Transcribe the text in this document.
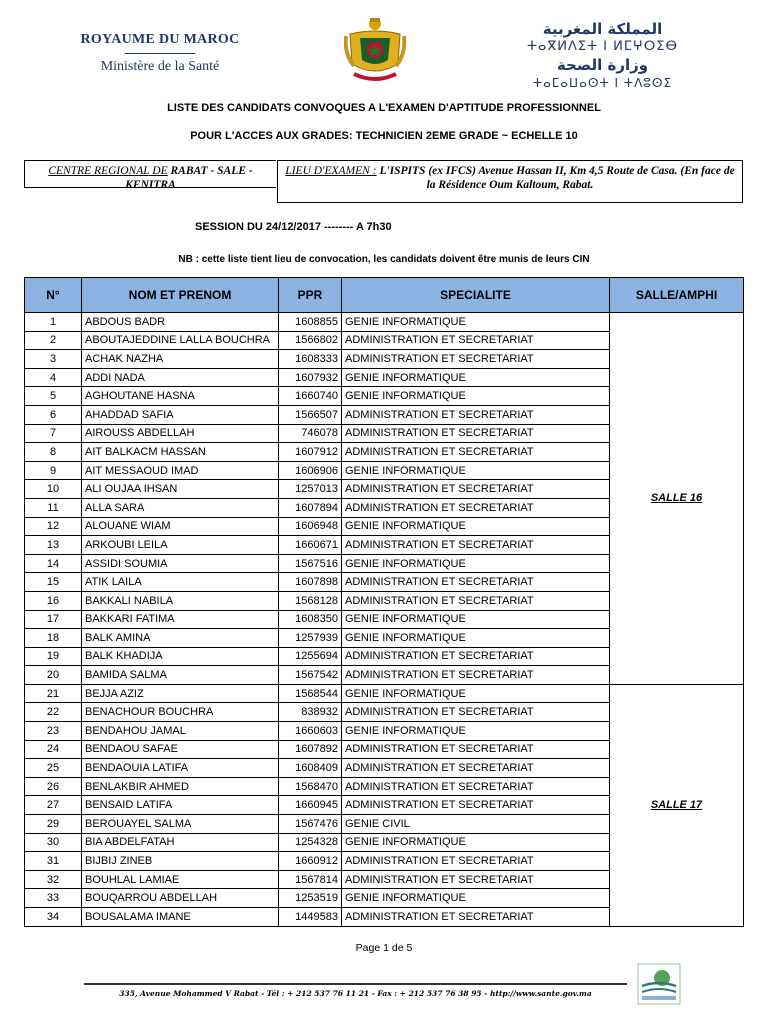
ROYAUME DU MAROC
Ministère de la Santé
المملكة المغربية
ⵜⴰⴳⵍⴷⵉⵜ ⵏ ⵍⵎⵖⵔⵉⴱ
وزارة الصحة
ⵜⴰⵎⴰⵡⴰⵙⵜ ⵏ ⵜⴷⵓⵙⵉ
LISTE DES CANDIDATS CONVOQUES A L'EXAMEN D'APTITUDE PROFESSIONNEL
POUR L'ACCES AUX GRADES: TECHNICIEN 2EME GRADE ~ ECHELLE 10
CENTRE REGIONAL DE RABAT - SALE - KENITRA
LIEU D'EXAMEN : L'ISPITS (ex IFCS) Avenue Hassan II, Km 4,5 Route de Casa. (En face de la Résidence Oum Kaltoum, Rabat.
SESSION DU 24/12/2017 -------- A 7h30
NB : cette liste tient lieu de convocation, les candidats doivent être munis de leurs CIN
N°	NOM ET PRENOM	PPR	SPECIALITE	SALLE/AMPHI
1	ABDOUS BADR	1608855	GENIE INFORMATIQUE	SALLE 16
2	ABOUTAJEDDINE LALLA BOUCHRA	1566802	ADMINISTRATION ET SECRETARIAT	
3	ACHAK NAZHA	1608333	ADMINISTRATION ET SECRETARIAT	
4	ADDI NADA	1607932	GENIE INFORMATIQUE	
5	AGHOUTANE HASNA	1660740	GENIE INFORMATIQUE	
6	AHADDAD SAFIA	1566507	ADMINISTRATION ET SECRETARIAT	
7	AIROUSS ABDELLAH	746078	ADMINISTRATION ET SECRETARIAT	
8	AIT BALKACM HASSAN	1607912	ADMINISTRATION ET SECRETARIAT	
9	AIT MESSAOUD IMAD	1606906	GENIE INFORMATIQUE	
10	ALI OUJAA IHSAN	1257013	ADMINISTRATION ET SECRETARIAT	
11	ALLA SARA	1607894	ADMINISTRATION ET SECRETARIAT	
12	ALOUANE WIAM	1606948	GENIE INFORMATIQUE	
13	ARKOUBI LEILA	1660671	ADMINISTRATION ET SECRETARIAT	
14	ASSIDI SOUMIA	1567516	GENIE INFORMATIQUE	
15	ATIK LAILA	1607898	ADMINISTRATION ET SECRETARIAT	
16	BAKKALI NABILA	1568128	ADMINISTRATION ET SECRETARIAT	
17	BAKKARI FATIMA	1608350	GENIE INFORMATIQUE	
18	BALK AMINA	1257939	GENIE INFORMATIQUE	
19	BALK KHADIJA	1255694	ADMINISTRATION ET SECRETARIAT	
20	BAMIDA SALMA	1567542	ADMINISTRATION ET SECRETARIAT	
21	BEJJA AZIZ	1568544	GENIE INFORMATIQUE	SALLE 17
22	BENACHOUR BOUCHRA	838932	ADMINISTRATION ET SECRETARIAT	
23	BENDAHOU JAMAL	1660603	GENIE INFORMATIQUE	
24	BENDAOU SAFAE	1607892	ADMINISTRATION ET SECRETARIAT	
25	BENDAOUIA LATIFA	1608409	ADMINISTRATION ET SECRETARIAT	
26	BENLAKBIR AHMED	1568470	ADMINISTRATION ET SECRETARIAT	
27	BENSAID LATIFA	1660945	ADMINISTRATION ET SECRETARIAT	
29	BEROUAYEL SALMA	1567476	GENIE CIVIL	
30	BIA ABDELFATAH	1254328	GENIE INFORMATIQUE	
31	BIJBIJ ZINEB	1660912	ADMINISTRATION ET SECRETARIAT	
32	BOUHLAL LAMIAE	1567814	ADMINISTRATION ET SECRETARIAT	
33	BOUQARROU ABDELLAH	1253519	GENIE INFORMATIQUE	
34	BOUSALAMA IMANE	1449583	ADMINISTRATION ET SECRETARIAT	
Page 1 de 5
335, Avenue Mohammed V Rabat - Tél : + 212 537 76 11 21 - Fax : + 212 537 76 38 95 - http://www.sante.gov.ma
